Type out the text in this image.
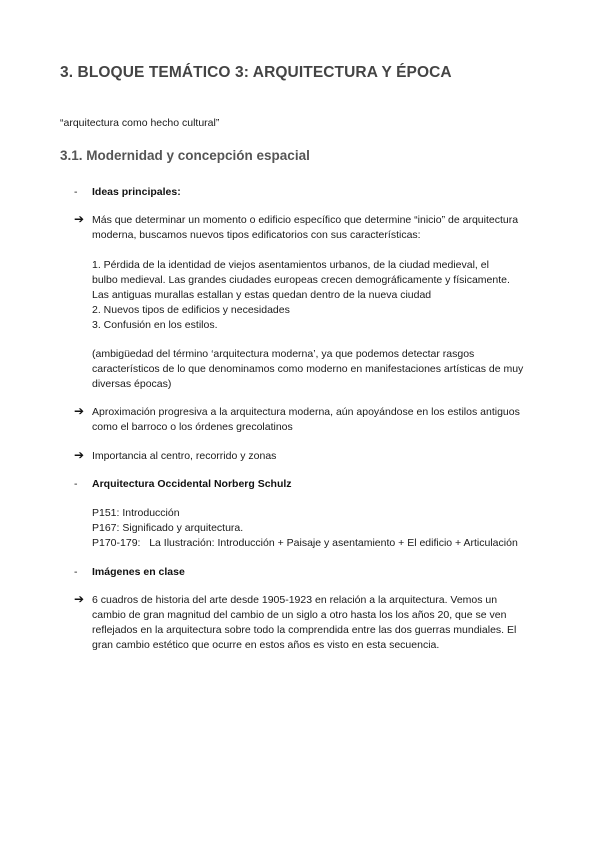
3. BLOQUE TEMÁTICO 3: ARQUITECTURA Y ÉPOCA

“arquitectura como hecho cultural”

3.1. Modernidad y concepción espacial
- Ideas principales:
➔ Más que determinar un momento o edificio específico que determine “inicio” de arquitectura
moderna, buscamos nuevos tipos edificatorios con sus características:
1. Pérdida de la identidad de viejos asentamientos urbanos, de la ciudad medieval, el
bulbo medieval. Las grandes ciudades europeas crecen demográficamente y físicamente.
Las antiguas murallas estallan y estas quedan dentro de la nueva ciudad
2. Nuevos tipos de edificios y necesidades
3. Confusión en los estilos.
(ambigüedad del término ‘arquitectura moderna’, ya que podemos detectar rasgos
característicos de lo que denominamos como moderno en manifestaciones artísticas de muy
diversas épocas)
➔ Aproximación progresiva a la arquitectura moderna, aún apoyándose en los estilos antiguos
como el barroco o los órdenes grecolatinos
➔ Importancia al centro, recorrido y zonas
- Arquitectura Occidental Norberg Schulz
P151: Introducción
P167: Significado y arquitectura.
P170-179:   La Ilustración: Introducción + Paisaje y asentamiento + El edificio + Articulación
- Imágenes en clase
➔ 6 cuadros de historia del arte desde 1905-1923 en relación a la arquitectura. Vemos un
cambio de gran magnitud del cambio de un siglo a otro hasta los los años 20, que se ven
reflejados en la arquitectura sobre todo la comprendida entre las dos guerras mundiales. El
gran cambio estético que ocurre en estos años es visto en esta secuencia.
